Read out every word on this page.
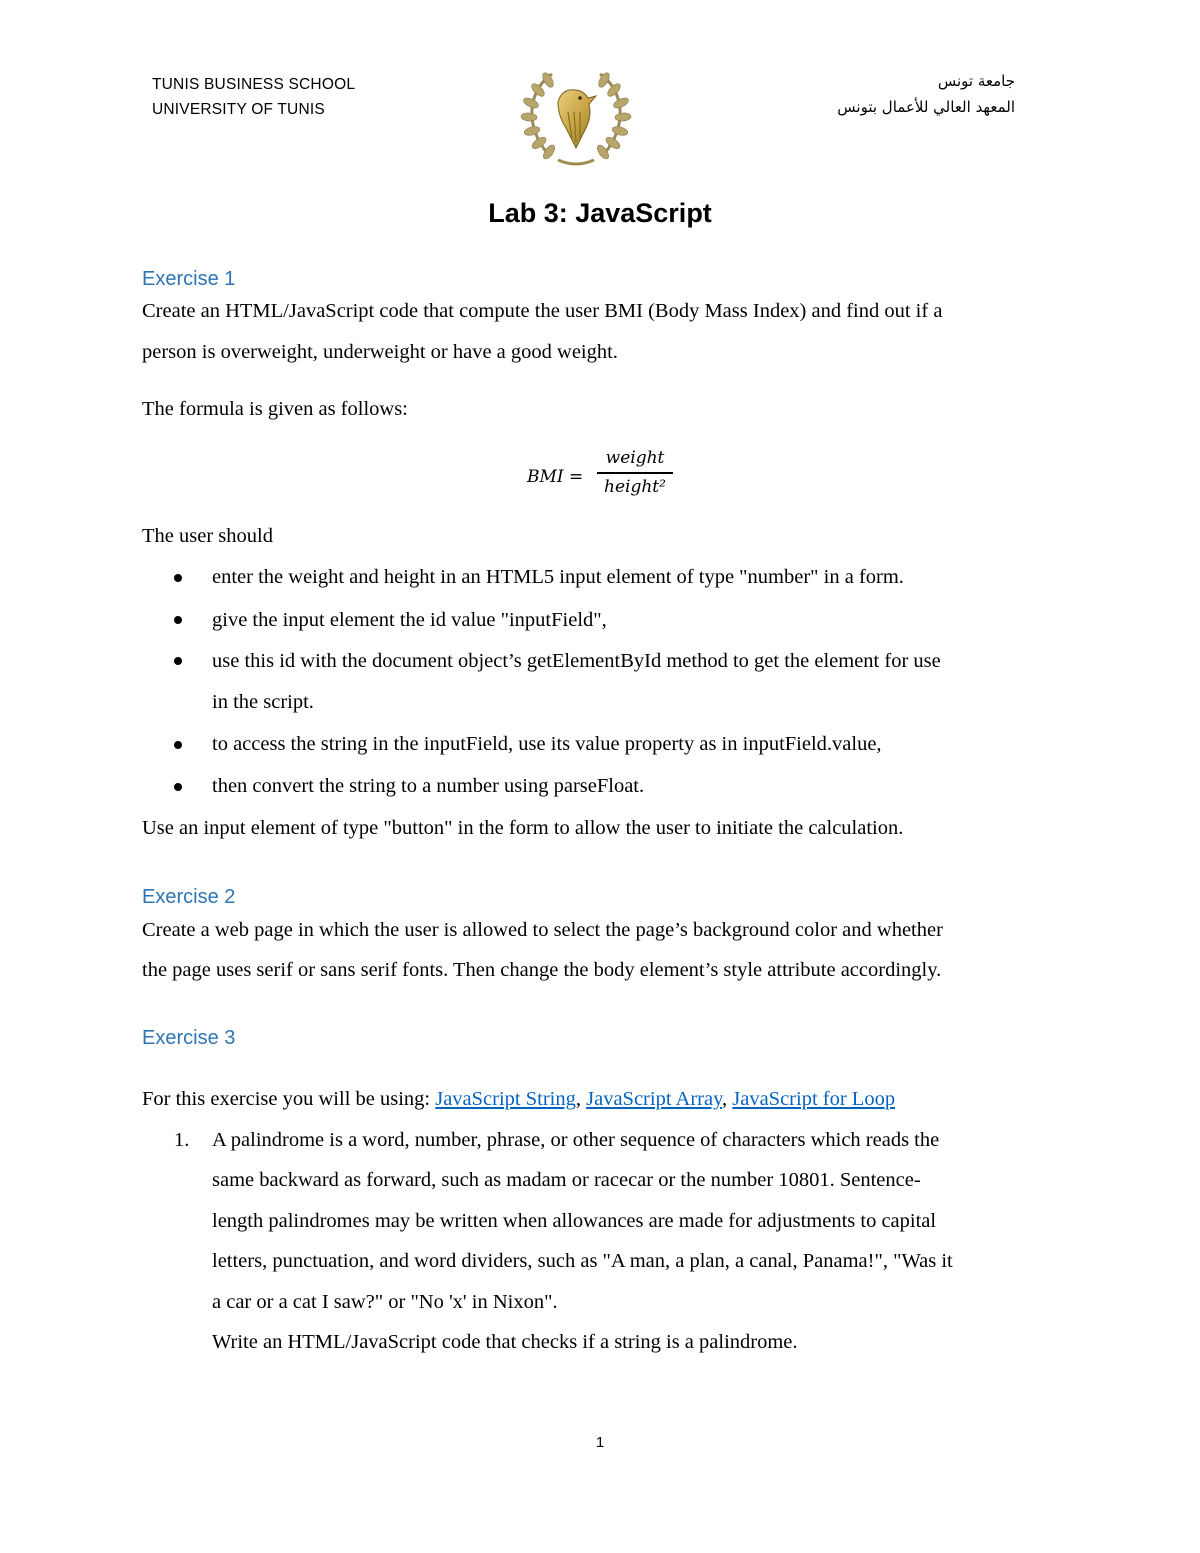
TUNIS BUSINESS SCHOOL
UNIVERSITY OF TUNIS
جامعة تونس
المعهد العالي للأعمال بتونس
Lab 3: JavaScript
Exercise 1
Create an HTML/JavaScript code that compute the user BMI (Body Mass Index) and find out if a
person is overweight, underweight or have a good weight.
The formula is given as follows:
BMI =
weight
height²
The user should
enter the weight and height in an HTML5 input element of type "number" in a form.
give the input element the id value "inputField",
use this id with the document object’s getElementById method to get the element for use
in the script.
to access the string in the inputField, use its value property as in inputField.value,
then convert the string to a number using parseFloat.
Use an input element of type "button" in the form to allow the user to initiate the calculation.
Exercise 2
Create a web page in which the user is allowed to select the page’s background color and whether
the page uses serif or sans serif fonts. Then change the body element’s style attribute accordingly.
Exercise 3
For this exercise you will be using: JavaScript String, JavaScript Array, JavaScript for Loop
1. A palindrome is a word, number, phrase, or other sequence of characters which reads the
same backward as forward, such as madam or racecar or the number 10801. Sentence-
length palindromes may be written when allowances are made for adjustments to capital
letters, punctuation, and word dividers, such as "A man, a plan, a canal, Panama!", "Was it
a car or a cat I saw?" or "No 'x' in Nixon".
Write an HTML/JavaScript code that checks if a string is a palindrome.
1
